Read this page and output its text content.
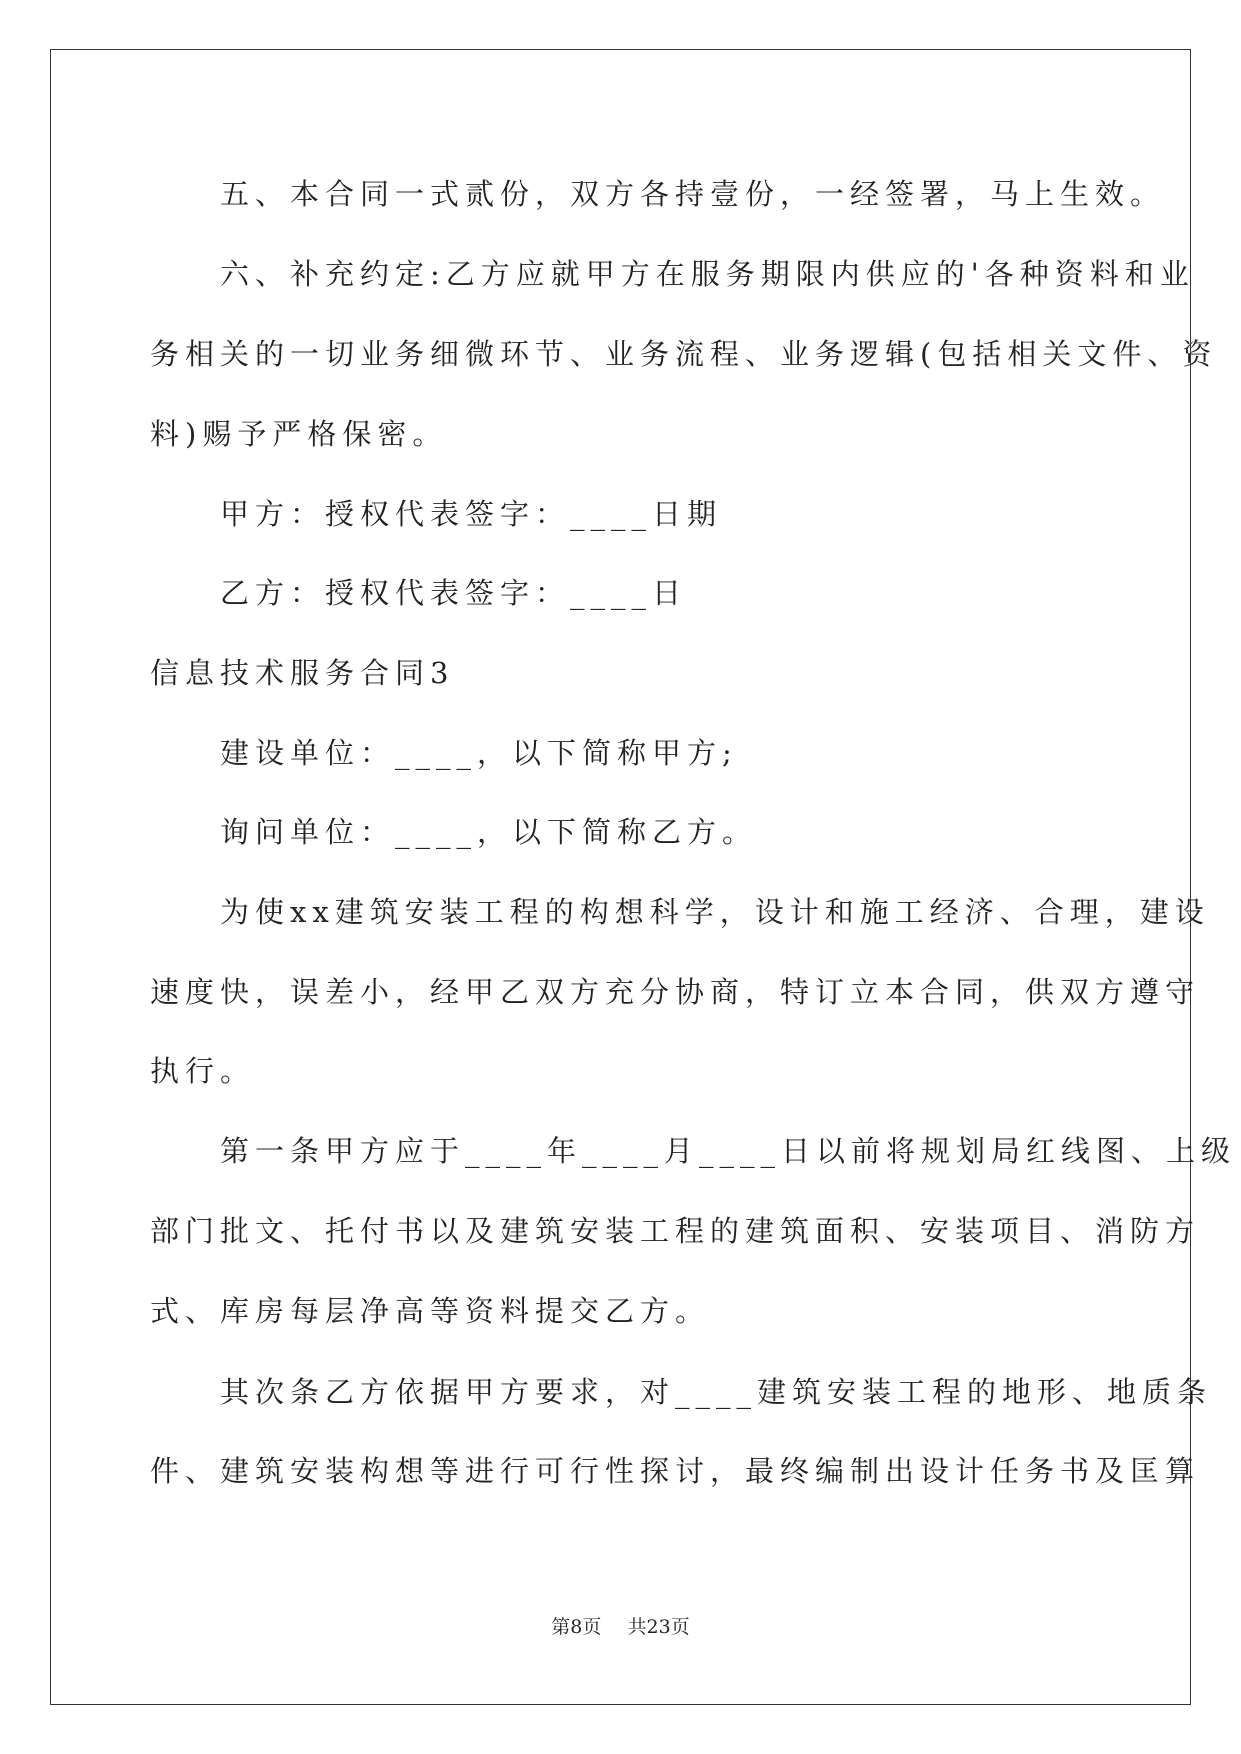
　　五、本合同一式贰份，双方各持壹份，一经签署，马上生效。
　　六、补充约定:乙方应就甲方在服务期限内供应的'各种资料和业
务相关的一切业务细微环节、业务流程、业务逻辑(包括相关文件、资
料)赐予严格保密。
　　甲方：授权代表签字：____日期
　　乙方：授权代表签字：____日
信息技术服务合同3
　　建设单位：____，以下简称甲方;
　　询问单位：____，以下简称乙方。
　　为使xx建筑安装工程的构想科学，设计和施工经济、合理，建设
速度快，误差小，经甲乙双方充分协商，特订立本合同，供双方遵守
执行。
　　第一条甲方应于____年____月____日以前将规划局红线图、上级
部门批文、托付书以及建筑安装工程的建筑面积、安装项目、消防方
式、库房每层净高等资料提交乙方。
　　其次条乙方依据甲方要求，对____建筑安装工程的地形、地质条
件、建筑安装构想等进行可行性探讨，最终编制出设计任务书及匡算
第8页 共23页
